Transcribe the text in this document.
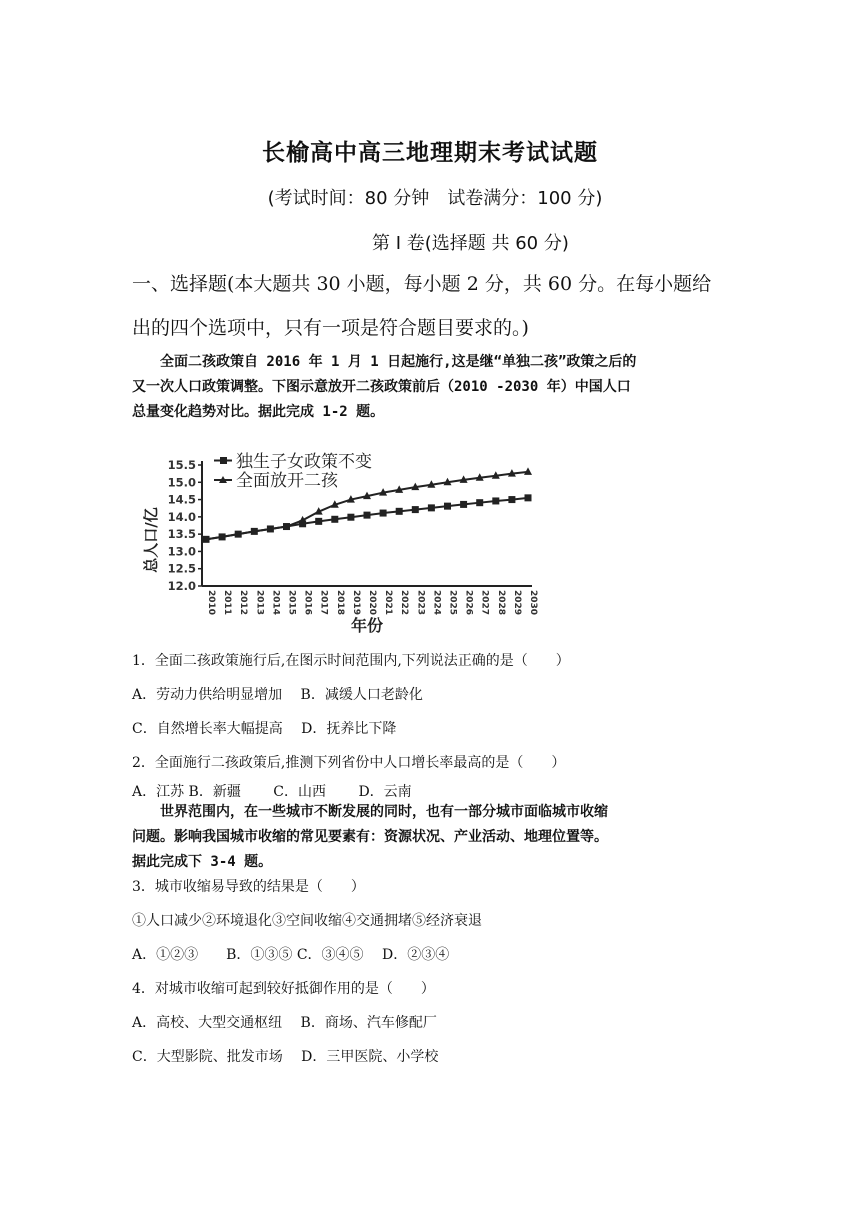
长榆高中高三地理期末考试试题
(考试时间：80 分钟　试卷满分：100 分)
第 I 卷(选择题 共 60 分)
一、选择题(本大题共 30 小题，每小题 2 分，共 60 分。在每小题给
出的四个选项中，只有一项是符合题目要求的。)
　　全面二孩政策自 2016 年 1 月 1 日起施行,这是继“单独二孩”政策之后的
又一次人口政策调整。下图示意放开二孩政策前后（2010 -2030 年）中国人口
总量变化趋势对比。据此完成 1-2 题。
总人口/亿
年份
独生子女政策不变
全面放开二孩
15.5
15.0
14.5
14.0
13.5
13.0
12.5
12.0
2010 2011 2012 2013 2014 2015 2016 2017 2018 2019 2020 2021 2022 2023 2024 2025 2026 2027 2028 2029 2030
1．全面二孩政策施行后,在图示时间范围内,下列说法正确的是（　　）
A．劳动力供给明显增加　 B．减缓人口老龄化
C．自然增长率大幅提高　 D．抚养比下降
2．全面施行二孩政策后,推测下列省份中人口增长率最高的是（　　）
A．江苏 B．新疆　　 C．山西　　 D．云南
　　世界范围内，在一些城市不断发展的同时，也有一部分城市面临城市收缩
问题。影响我国城市收缩的常见要素有：资源状况、产业活动、地理位置等。
据此完成下 3-4 题。
3．城市收缩易导致的结果是（　　）
①人口减少②环境退化③空间收缩④交通拥堵⑤经济衰退
A．①②③　　B．①③⑤ C．③④⑤　 D．②③④
4．对城市收缩可起到较好抵御作用的是（　　）
A．高校、大型交通枢纽　 B．商场、汽车修配厂
C．大型影院、批发市场　 D．三甲医院、小学校
